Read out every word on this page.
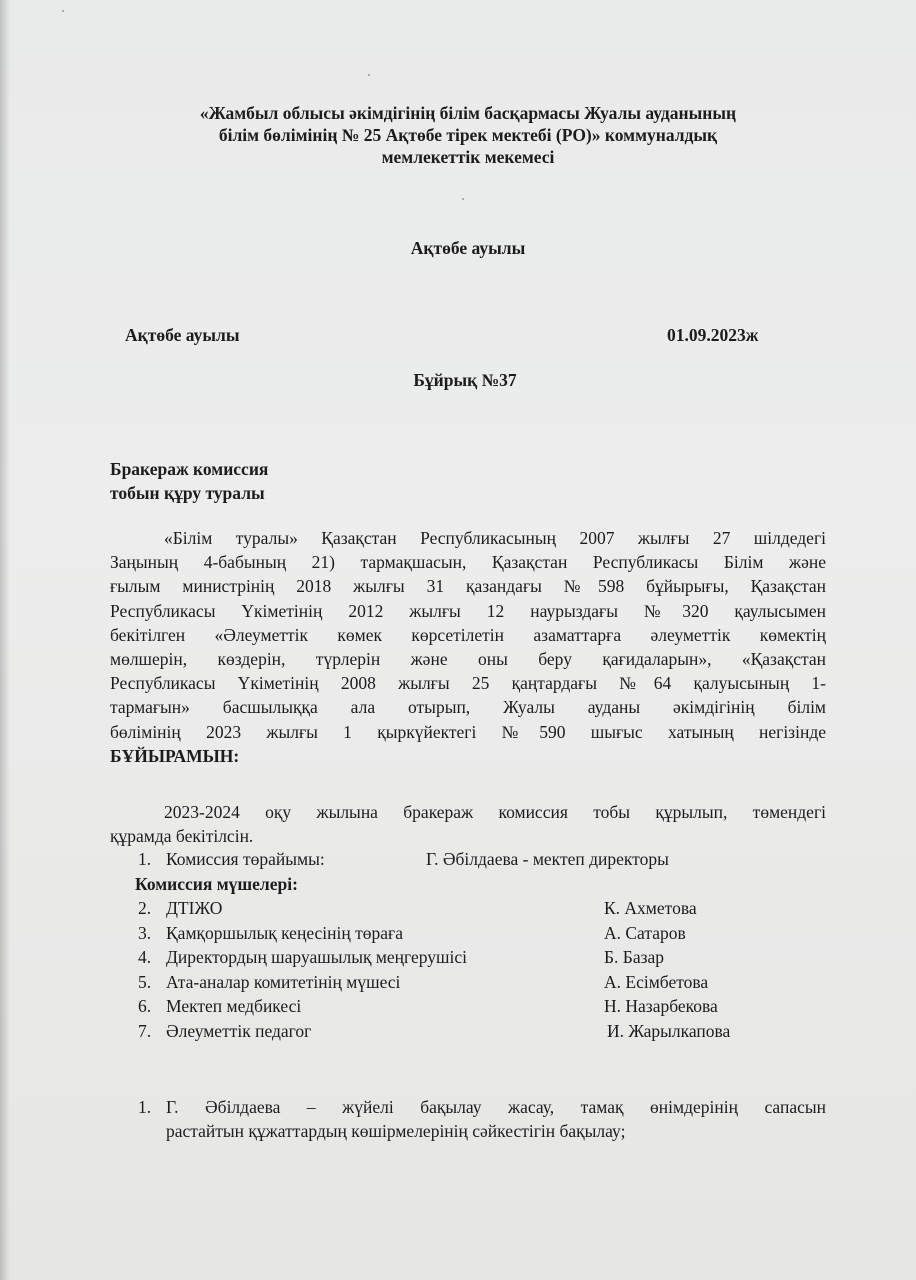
«Жамбыл облысы әкімдігінің білім басқармасы Жуалы ауданының
білім бөлімінің № 25 Ақтөбе тірек мектебі (РО)» коммуналдық
мемлекеттік мекемесі
Ақтөбе ауылы
Ақтөбе ауылы	01.09.2023ж
Бұйрық №37
Бракераж комиссия
тобын құру туралы
«Білім туралы» Қазақстан Республикасының 2007 жылғы 27 шілдедегі
Заңының 4-бабының 21) тармақшасын, Қазақстан Республикасы Білім және
ғылым министрінің 2018 жылғы 31 қазандағы №598 бұйырығы, Қазақстан
Республикасы Үкіметінің 2012 жылғы 12 наурыздағы №320 қаулысымен
бекітілген «Әлеуметтік көмек көрсетілетін азаматтарға әлеуметтік көмектің
мөлшерін, көздерін, түрлерін және оны беру қағидаларын», «Қазақстан
Республикасы Үкіметінің 2008 жылғы 25 қаңтардағы №64 қалуысының 1-
тармағын» басшылыққа ала отырып, Жуалы ауданы әкімдігінің білім
бөлімінің 2023 жылғы 1 қыркүйектегі №590 шығыс хатының негізінде
БҰЙЫРАМЫН:
2023-2024 оқу жылына бракераж комиссия тобы құрылып, төмендегі
құрамда бекітілсін.
1. Комиссия төрайымы:	Г. Әбілдаева - мектеп директоры
Комиссия мүшелері:
2. ДТІЖО	К. Ахметова
3. Қамқоршылық кеңесінің төрағa	А. Сатаров
4. Директордың шаруашылық меңгерушісі	Б. Базар
5. Ата-аналар комитетінің мүшесі	А. Есімбетова
6. Мектеп медбикесі	Н. Назарбекова
7. Әлеуметтік педагог	И. Жарылкапова
1. Г. Әбілдаева – жүйелі бақылау жасау, тамақ өнімдерінің сапасын
растайтын құжаттардың көшірмелерінің сәйкестігін бақылау;
